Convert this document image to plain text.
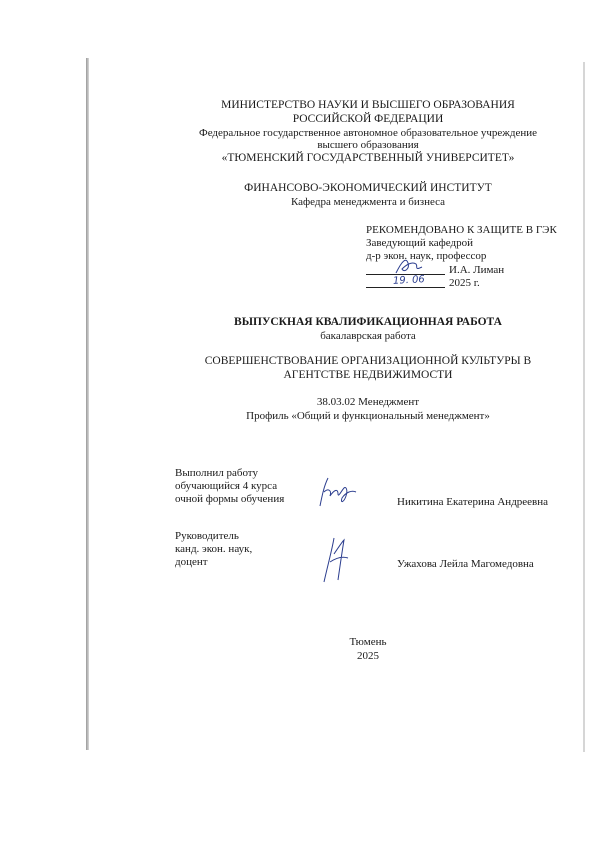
МИНИСТЕРСТВО НАУКИ И ВЫСШЕГО ОБРАЗОВАНИЯ
РОССИЙСКОЙ ФЕДЕРАЦИИ
Федеральное государственное автономное образовательное учреждение
высшего образования
«ТЮМЕНСКИЙ ГОСУДАРСТВЕННЫЙ УНИВЕРСИТЕТ»
ФИНАНСОВО-ЭКОНОМИЧЕСКИЙ ИНСТИТУТ
Кафедра менеджмента и бизнеса
РЕКОМЕНДОВАНО К ЗАЩИТЕ В ГЭК
Заведующий кафедрой
д-р экон. наук, профессор
И.А. Лиман
19. 06 2025 г.
ВЫПУСКНАЯ КВАЛИФИКАЦИОННАЯ РАБОТА
бакалаврская работа
СОВЕРШЕНСТВОВАНИЕ ОРГАНИЗАЦИОННОЙ КУЛЬТУРЫ В
АГЕНТСТВЕ НЕДВИЖИМОСТИ
38.03.02 Менеджмент
Профиль «Общий и функциональный менеджмент»
Выполнил работу
обучающийся 4 курса
очной формы обучения	Никитина Екатерина Андреевна
Руководитель
канд. экон. наук,
доцент	Ужахова Лейла Магомедовна
Тюмень
2025
